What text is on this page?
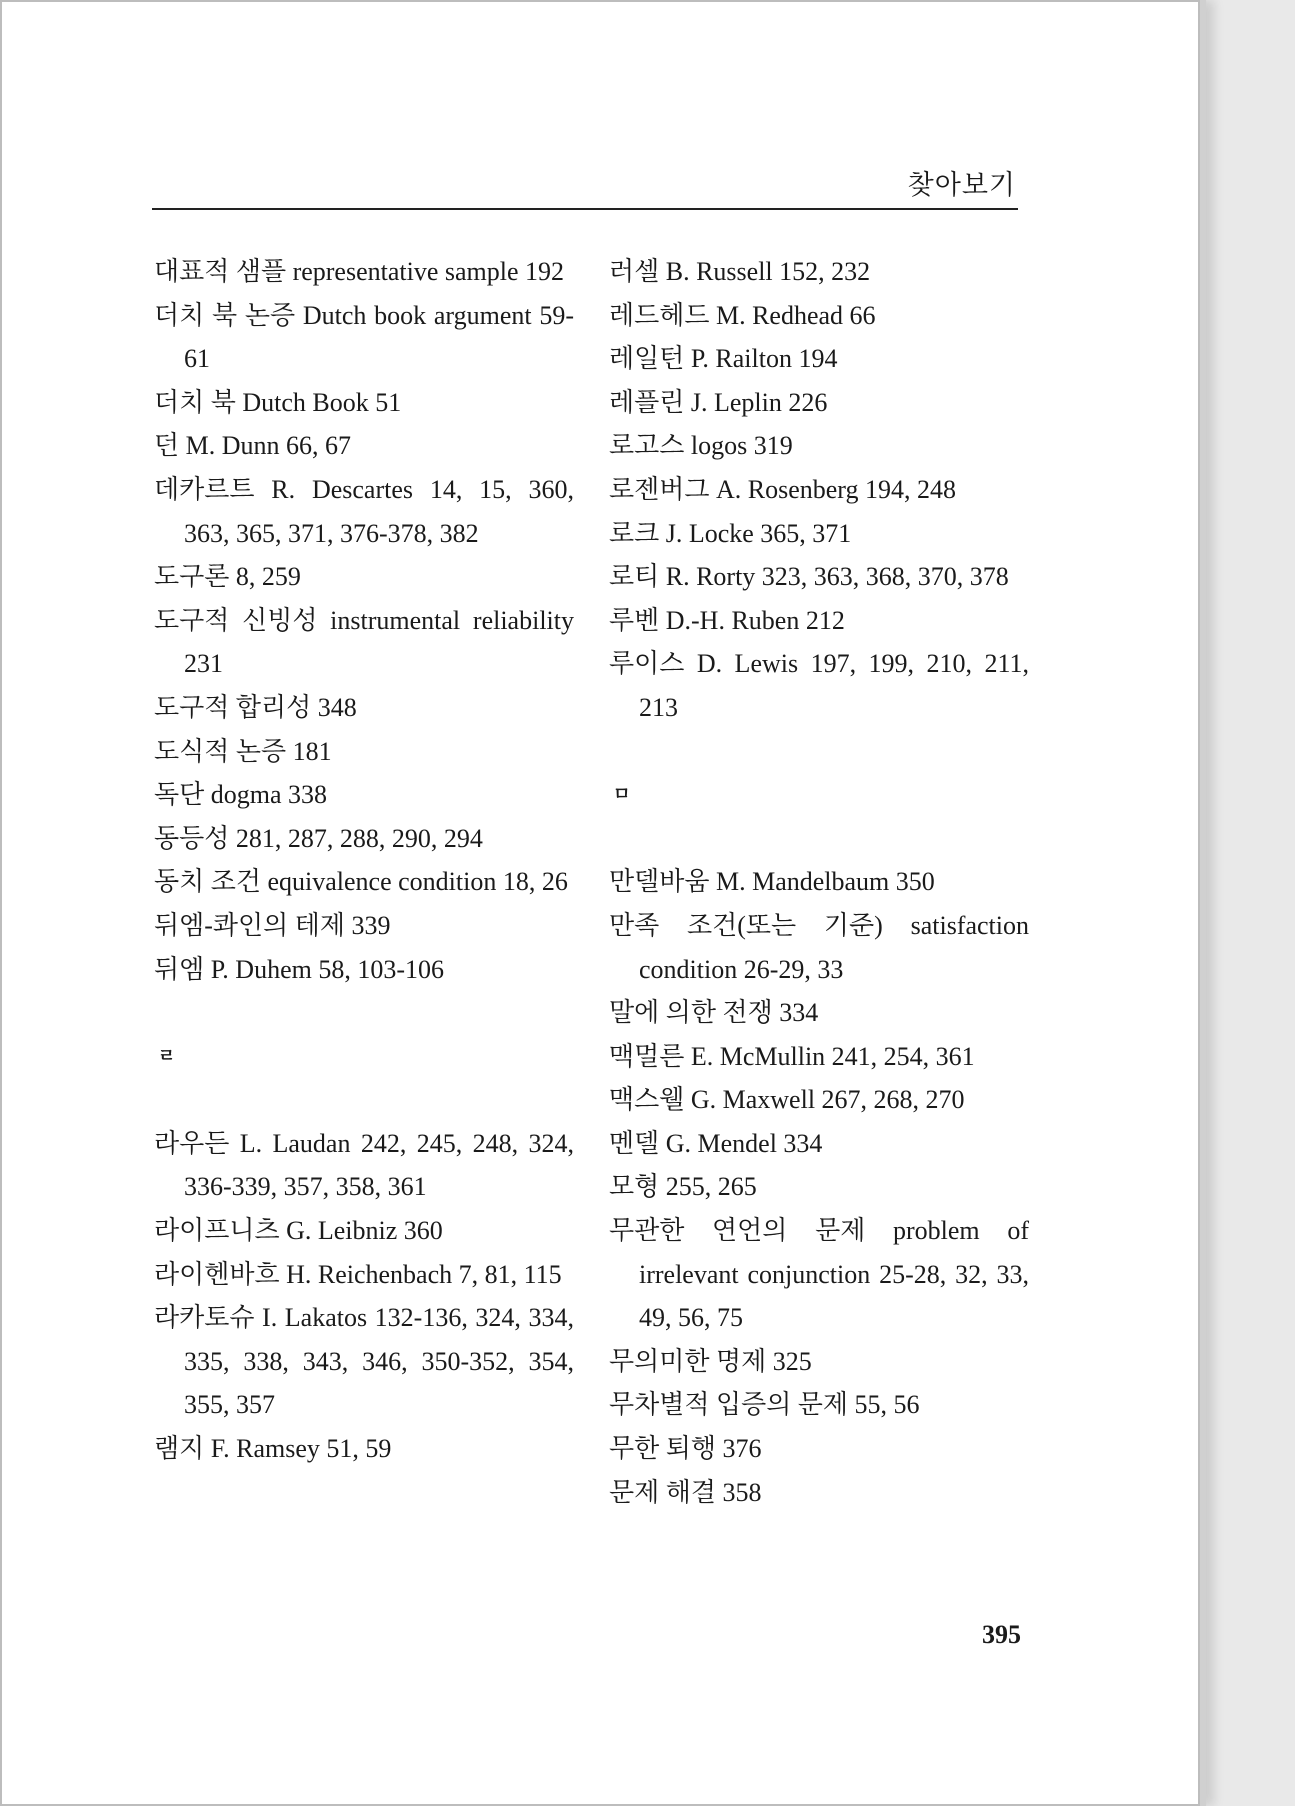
찾아보기
대표적 샘플 representative sample 192
더치 북 논증 Dutch book argument 59-61
더치 북 Dutch Book 51
던 M. Dunn 66, 67
데카르트 R. Descartes 14, 15, 360, 363, 365, 371, 376-378, 382
도구론 8, 259
도구적 신빙성 instrumental reliability 231
도구적 합리성 348
도식적 논증 181
독단 dogma 338
동등성 281, 287, 288, 290, 294
동치 조건 equivalence condition 18, 26
뒤엠-콰인의 테제 339
뒤엠 P. Duhem 58, 103-106
ㄹ
라우든 L. Laudan 242, 245, 248, 324, 336-339, 357, 358, 361
라이프니츠 G. Leibniz 360
라이헨바흐 H. Reichenbach 7, 81, 115
라카토슈 I. Lakatos 132-136, 324, 334, 335, 338, 343, 346, 350-352, 354, 355, 357
램지 F. Ramsey 51, 59
러셀 B. Russell 152, 232
레드헤드 M. Redhead 66
레일턴 P. Railton 194
레플린 J. Leplin 226
로고스 logos 319
로젠버그 A. Rosenberg 194, 248
로크 J. Locke 365, 371
로티 R. Rorty 323, 363, 368, 370, 378
루벤 D.-H. Ruben 212
루이스 D. Lewis 197, 199, 210, 211, 213
ㅁ
만델바움 M. Mandelbaum 350
만족 조건(또는 기준) satisfaction condition 26-29, 33
말에 의한 전쟁 334
맥멀른 E. McMullin 241, 254, 361
맥스웰 G. Maxwell 267, 268, 270
멘델 G. Mendel 334
모형 255, 265
무관한 연언의 문제 problem of irrelevant conjunction 25-28, 32, 33, 49, 56, 75
무의미한 명제 325
무차별적 입증의 문제 55, 56
무한 퇴행 376
문제 해결 358
395
